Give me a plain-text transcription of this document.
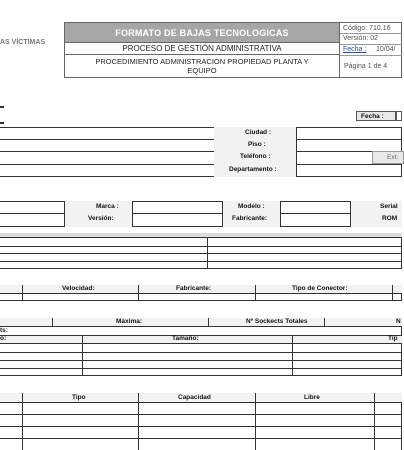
AS VÍCTIMAS
FORMATO DE BAJAS TECNOLOGICAS
PROCESO DE GESTIÓN ADMINISTRATIVA
PROCEDIMIENTO ADMINISTRACION PROPIEDAD PLANTA Y EQUIPO
Código: 710.16
Versión: 02
Fecha : 10/04/
Página 1 de 4
Fecha :
Ciudad :
Piso :
Teléfono :
Departamento :
Ext:
Marca :	Modelo :	Serial
Versión:	Fabricante:	ROM
Velocidad:	Fabricante:	Tipo de Conector:
Máxima:	Nº Sockects Totales	N
ts:
o:	Tamaño:	Tip
Tipo	Capacidad	Libre
